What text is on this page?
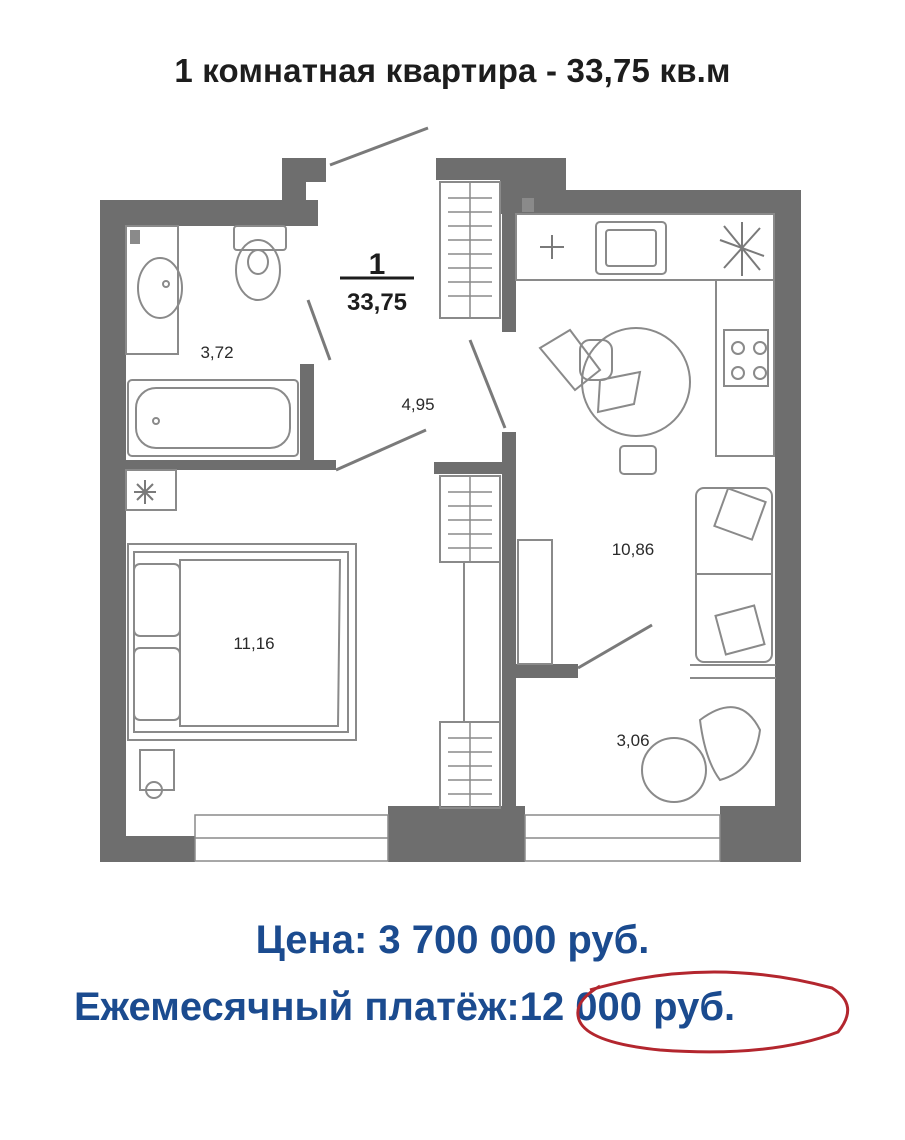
1 комнатная квартира - 33,75 кв.м
1
33,75
3,72
4,95
11,16
10,86
3,06
Цена: 3 700 000 руб.
Ежемесячный платёж:12 000 руб.
